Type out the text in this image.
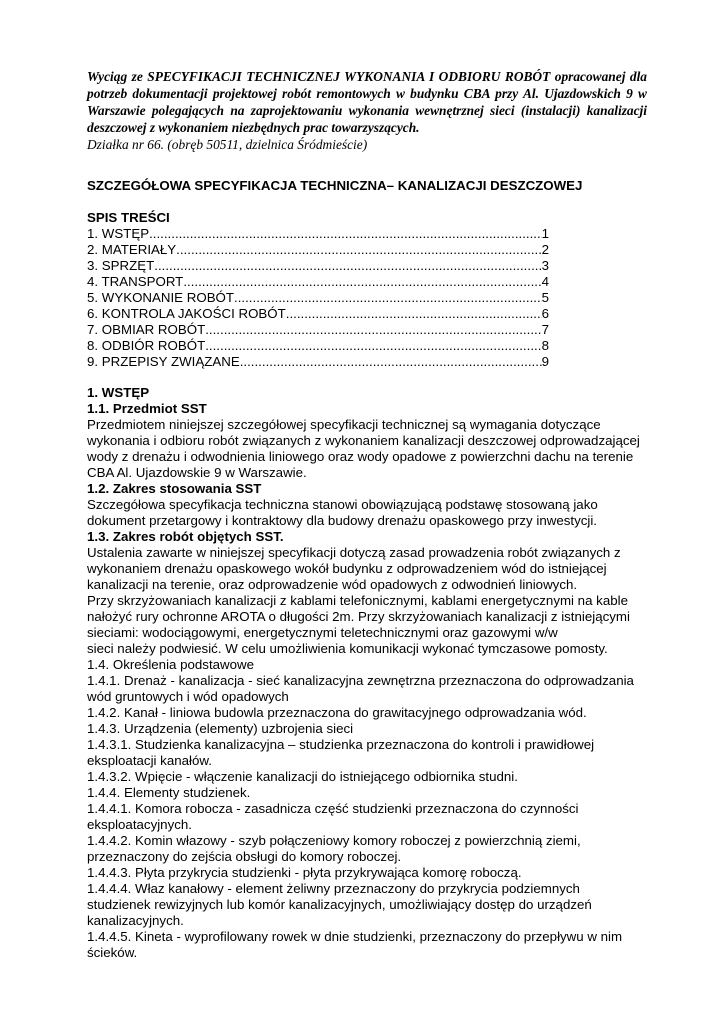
Wyciąg ze SPECYFIKACJI TECHNICZNEJ WYKONANIA I ODBIORU ROBÓT opracowanej dla potrzeb dokumentacji projektowej robót remontowych w budynku CBA przy Al. Ujazdowskich 9 w Warszawie polegających na zaprojektowaniu wykonania wewnętrznej sieci (instalacji) kanalizacji deszczowej z wykonaniem niezbędnych prac towarzyszących.

Działka nr 66. (obręb 50511, dzielnica Śródmieście)

SZCZEGÓŁOWA SPECYFIKACJA TECHNICZNA– KANALIZACJI DESZCZOWEJ

SPIS TREŚCI

1. WSTĘP .....	1
2. MATERIAŁY .....	2
3. SPRZĘT .....	3
4. TRANSPORT .....	4
5. WYKONANIE ROBÓT .....	5
6. KONTROLA JAKOŚCI ROBÓT .....	6
7. OBMIAR ROBÓT .....	7
8. ODBIÓR ROBÓT .....	8
9. PRZEPISY ZWIĄZANE .....	9

1. WSTĘP

1.1. Przedmiot SST

Przedmiotem niniejszej szczegółowej specyfikacji technicznej są wymagania dotyczące wykonania i odbioru robót związanych z wykonaniem kanalizacji deszczowej odprowadzającej wody z drenażu i odwodnienia liniowego oraz wody opadowe z powierzchni dachu na terenie CBA Al. Ujazdowskie 9 w Warszawie.

1.2. Zakres stosowania SST

Szczegółowa specyfikacja techniczna stanowi obowiązującą podstawę stosowaną jako dokument przetargowy i kontraktowy dla budowy drenażu opaskowego przy inwestycji.

1.3. Zakres robót objętych SST.

Ustalenia zawarte w niniejszej specyfikacji dotyczą zasad prowadzenia robót związanych z wykonaniem drenażu opaskowego wokół budynku z odprowadzeniem wód do istniejącej kanalizacji na terenie, oraz odprowadzenie wód opadowych z odwodnień liniowych.

Przy skrzyżowaniach kanalizacji z kablami telefonicznymi, kablami energetycznymi na kable nałożyć rury ochronne AROTA o długości 2m. Przy skrzyżowaniach kanalizacji z istniejącymi sieciami: wodociągowymi, energetycznymi teletechnicznymi oraz gazowymi w/w

sieci należy podwiesić. W celu umożliwienia komunikacji wykonać tymczasowe pomosty.

1.4. Określenia podstawowe

1.4.1. Drenaż - kanalizacja - sieć kanalizacyjna zewnętrzna przeznaczona do odprowadzania wód gruntowych i wód opadowych

1.4.2. Kanał - liniowa budowla przeznaczona do grawitacyjnego odprowadzania wód.

1.4.3. Urządzenia (elementy) uzbrojenia sieci

1.4.3.1. Studzienka kanalizacyjna – studzienka przeznaczona do kontroli i prawidłowej eksploatacji kanałów.

1.4.3.2. Wpięcie - włączenie kanalizacji do istniejącego odbiornika studni.

1.4.4. Elementy studzienek.

1.4.4.1. Komora robocza - zasadnicza część studzienki przeznaczona do czynności eksploatacyjnych.

1.4.4.2. Komin włazowy - szyb połączeniowy komory roboczej z powierzchnią ziemi, przeznaczony do zejścia obsługi do komory roboczej.

1.4.4.3. Płyta przykrycia studzienki - płyta przykrywająca komorę roboczą.

1.4.4.4. Właz kanałowy - element żeliwny przeznaczony do przykrycia podziemnych studzienek rewizyjnych lub komór kanalizacyjnych, umożliwiający dostęp do urządzeń kanalizacyjnych.

1.4.4.5. Kineta - wyprofilowany rowek w dnie studzienki, przeznaczony do przepływu w nim ścieków.
